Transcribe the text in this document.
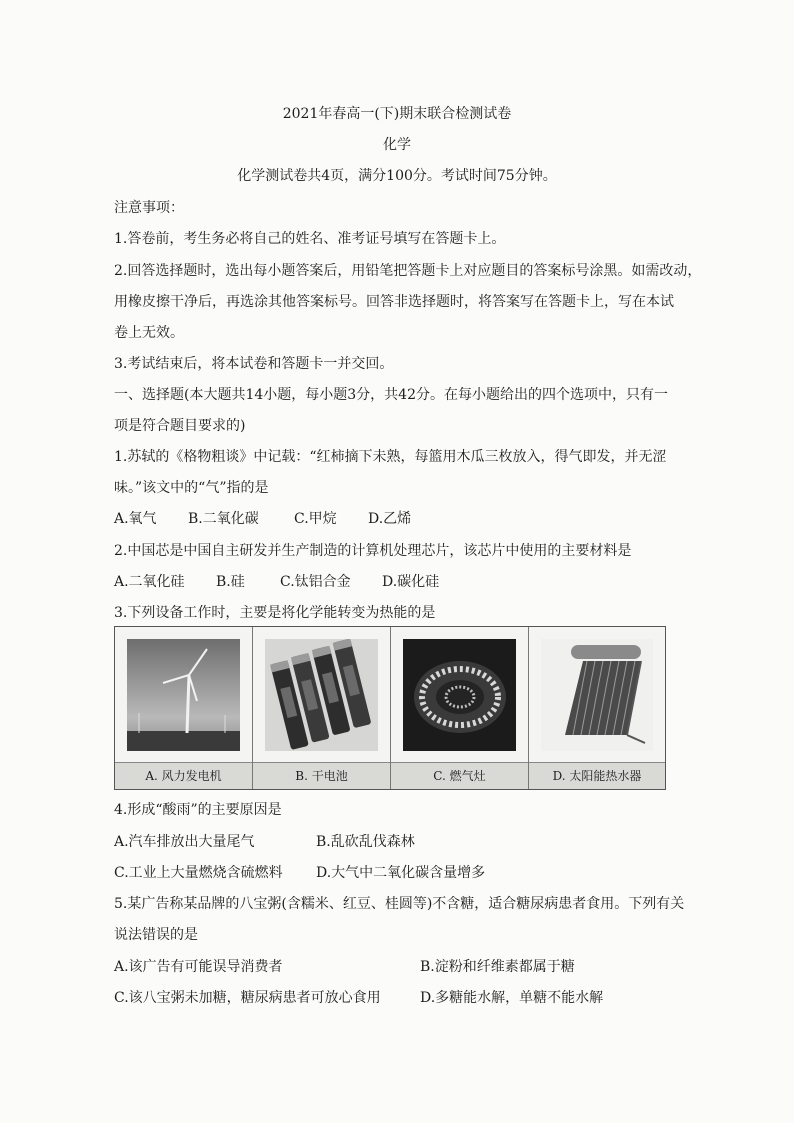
2021年春高一(下)期末联合检测试卷
化学
化学测试卷共4页，满分100分。考试时间75分钟。
注意事项：
1.答卷前，考生务必将自己的姓名、准考证号填写在答题卡上。
2.回答选择题时，选出每小题答案后，用铅笔把答题卡上对应题目的答案标号涂黑。如需改动，
用橡皮擦干净后，再选涂其他答案标号。回答非选择题时，将答案写在答题卡上，写在本试
卷上无效。
3.考试结束后，将本试卷和答题卡一并交回。
一、选择题(本大题共14小题，每小题3分，共42分。在每小题给出的四个选项中，只有一
项是符合题目要求的)
1.苏轼的《格物粗谈》中记载：“红柿摘下未熟，每篮用木瓜三枚放入，得气即发，并无涩
味。”该文中的“气”指的是
A.氧气 B.二氧化碳	C.甲烷 D.乙烯
2.中国芯是中国自主研发并生产制造的计算机处理芯片，该芯片中使用的主要材料是
A.二氧化硅 B.硅	C.钛铝合金 D.碳化硅
3.下列设备工作时，主要是将化学能转变为热能的是
A. 风力发电机	B. 干电池	C. 燃气灶	D. 太阳能热水器
4.形成“酸雨”的主要原因是
A.汽车排放出大量尾气	B.乱砍乱伐森林
C.工业上大量燃烧含硫燃料 D.大气中二氧化碳含量增多
5.某广告称某品牌的八宝粥(含糯米、红豆、桂圆等)不含糖，适合糖尿病患者食用。下列有关
说法错误的是
A.该广告有可能误导消费者	B.淀粉和纤维素都属于糖
C.该八宝粥未加糖，糖尿病患者可放心食用	D.多糖能水解，单糖不能水解
